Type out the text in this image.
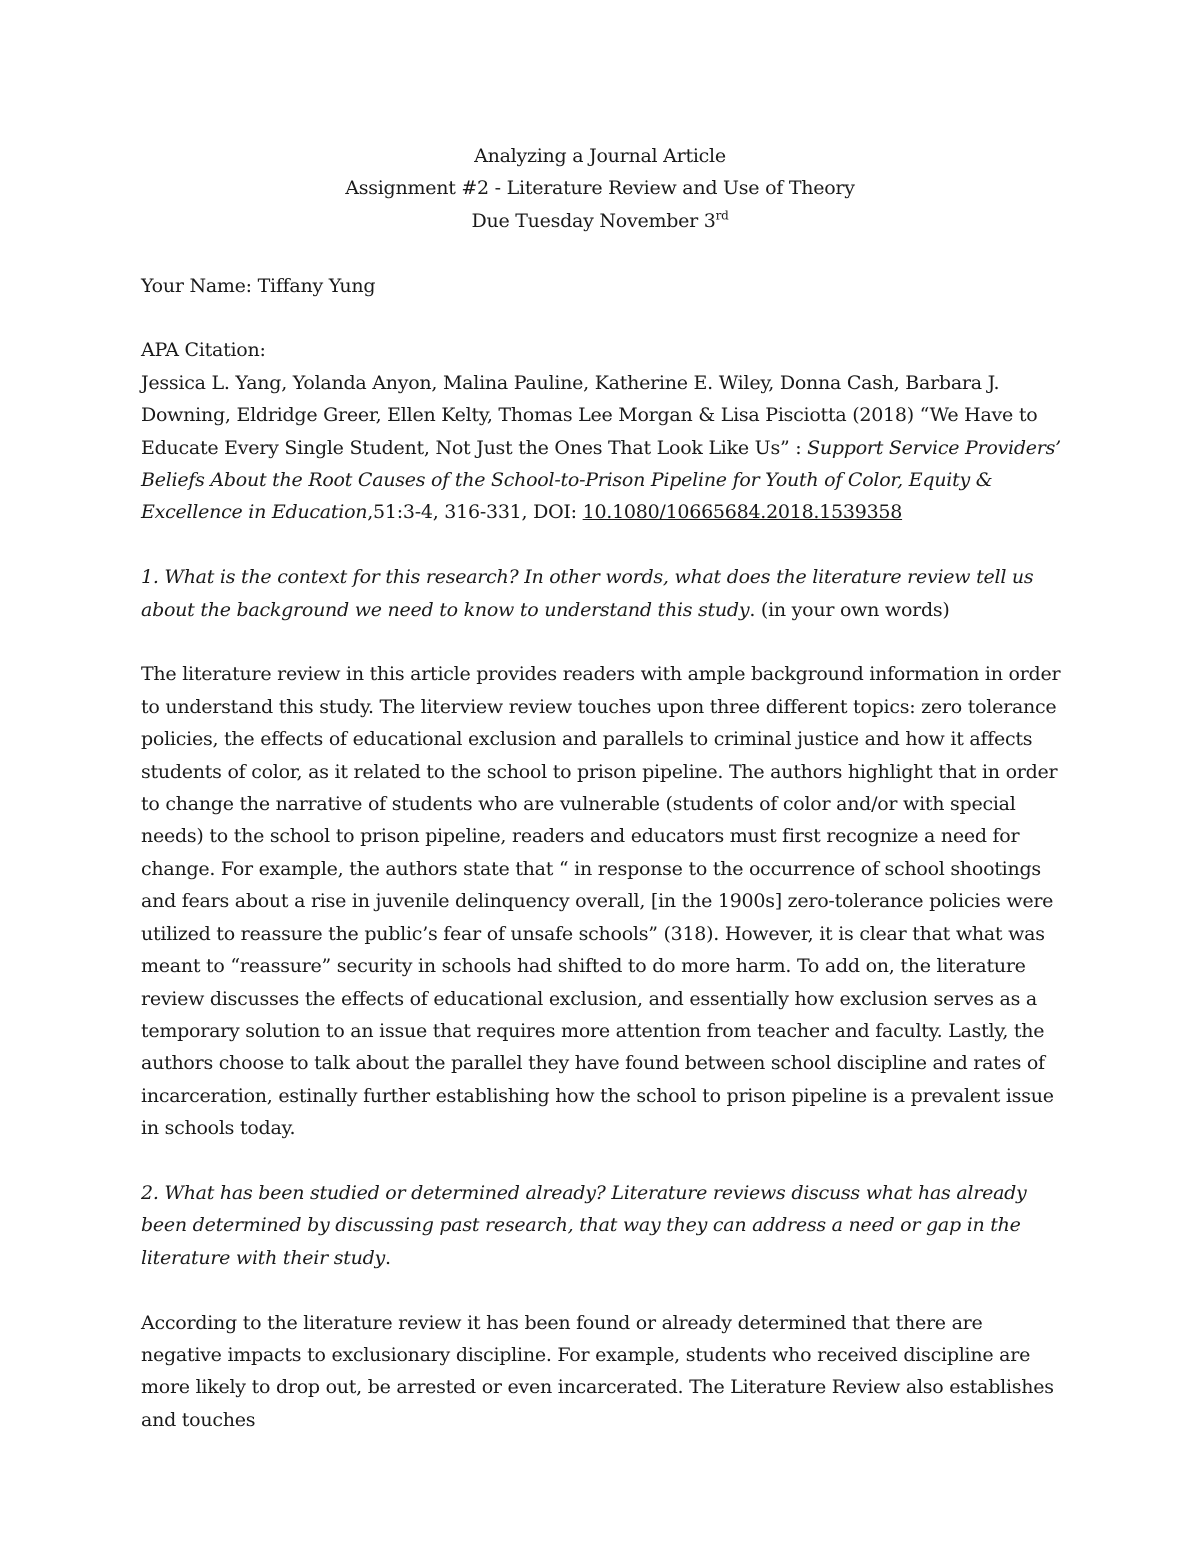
Analyzing a Journal Article
Assignment #2 - Literature Review and Use of Theory
Due Tuesday November 3rd

Your Name: Tiffany Yung

APA Citation:

Jessica L. Yang, Yolanda Anyon, Malina Pauline, Katherine E. Wiley, Donna Cash, Barbara J. Downing, Eldridge Greer, Ellen Kelty, Thomas Lee Morgan & Lisa Pisciotta (2018) “We Have to Educate Every Single Student, Not Just the Ones That Look Like Us” : Support Service Providers’ Beliefs About the Root Causes of the School-to-Prison Pipeline for Youth of Color, Equity & Excellence in Education,51:3-4, 316-331, DOI: 10.1080/10665684.2018.1539358

1. What is the context for this research? In other words, what does the literature review tell us about the background we need to know to understand this study. (in your own words)

The literature review in this article provides readers with ample background information in order to understand this study. The literview review touches upon three different topics: zero tolerance policies, the effects of educational exclusion and parallels to criminal justice and how it affects students of color, as it related to the school to prison pipeline. The authors highlight that in order to change the narrative of students who are vulnerable (students of color and/or with special needs) to the school to prison pipeline, readers and educators must first recognize a need for change. For example, the authors state that “ in response to the occurrence of school shootings and fears about a rise in juvenile delinquency overall, [in the 1900s] zero-tolerance policies were utilized to reassure the public’s fear of unsafe schools” (318). However, it is clear that what was meant to “reassure” security in schools had shifted to do more harm. To add on, the literature review discusses the effects of educational exclusion, and essentially how exclusion serves as a temporary solution to an issue that requires more attention from teacher and faculty. Lastly, the authors choose to talk about the parallel they have found between school discipline and rates of incarceration, estinally further establishing how the school to prison pipeline is a prevalent issue in schools today.

2. What has been studied or determined already? Literature reviews discuss what has already been determined by discussing past research, that way they can address a need or gap in the literature with their study.

According to the literature review it has been found or already determined that there are negative impacts to exclusionary discipline. For example, students who received discipline are more likely to drop out, be arrested or even incarcerated. The Literature Review also establishes and touches
